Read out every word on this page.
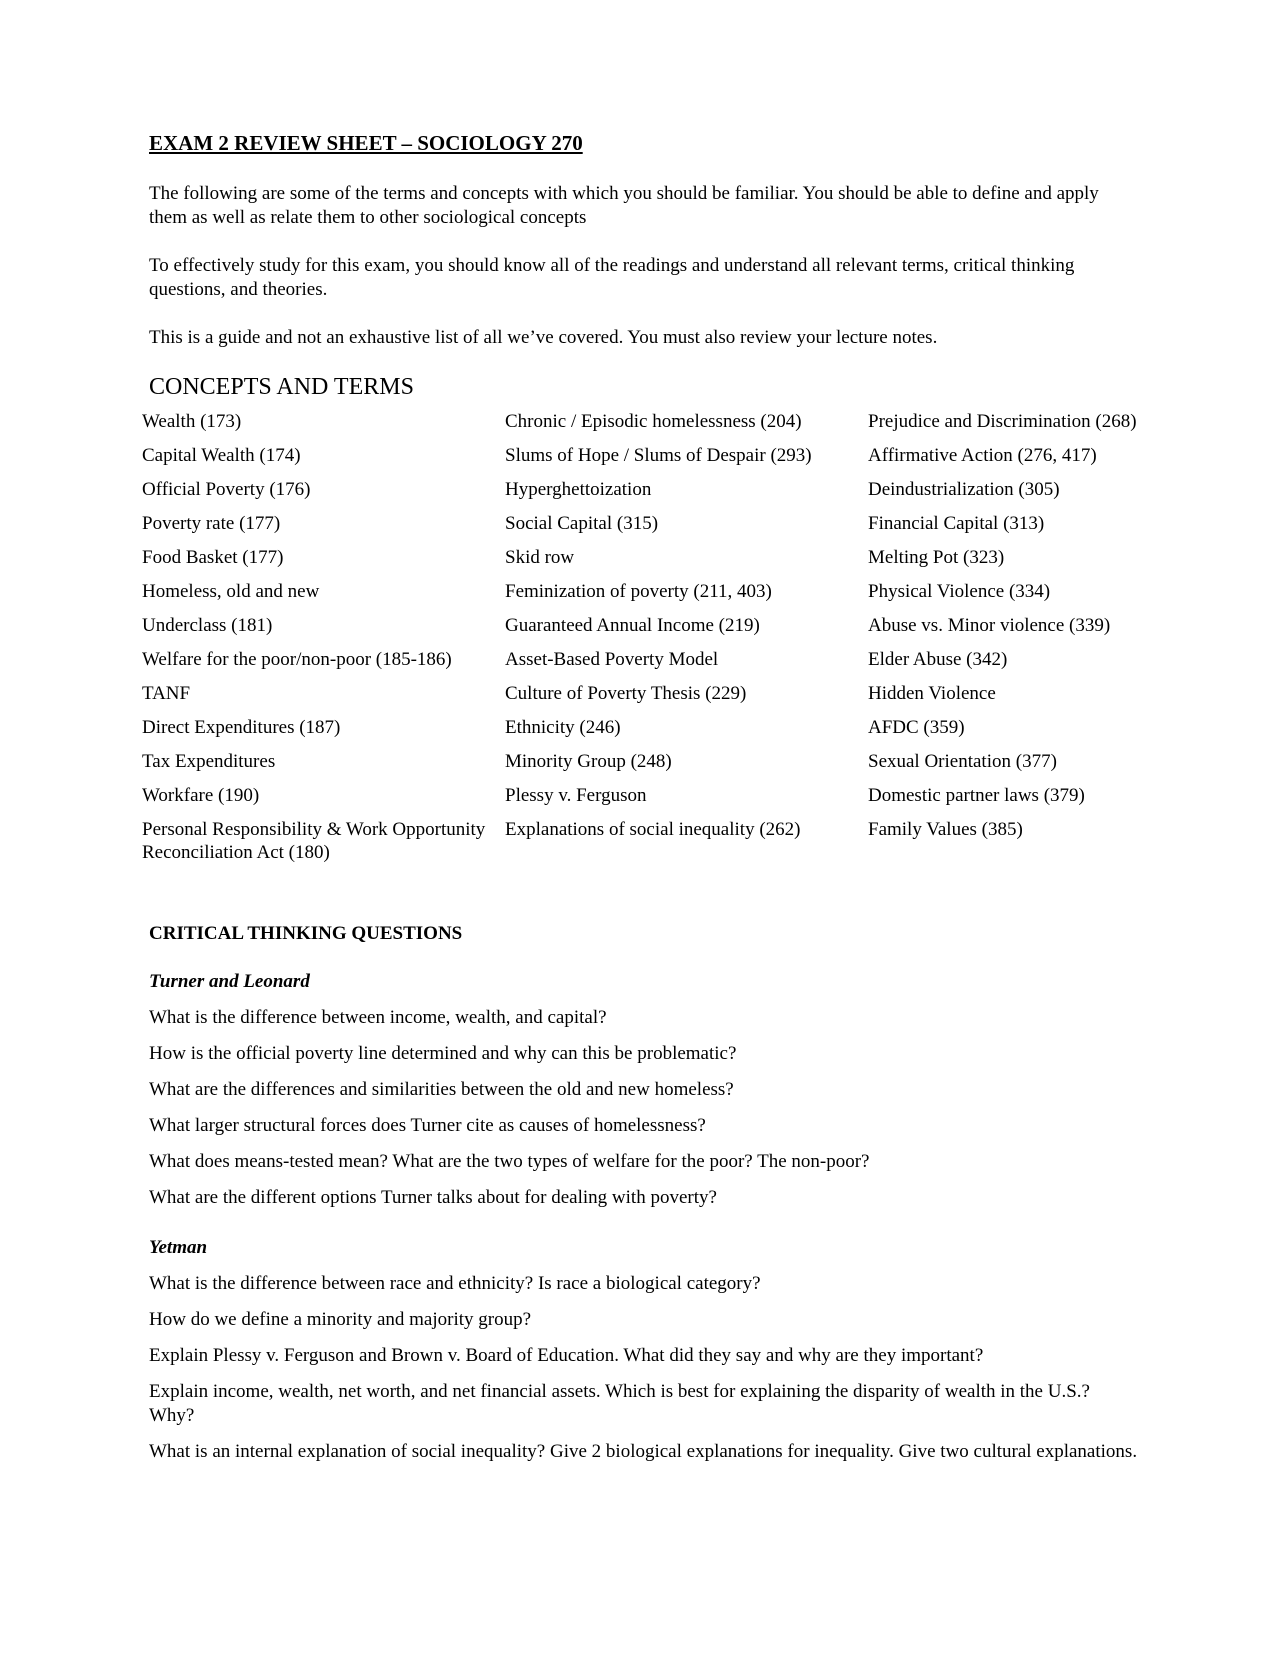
EXAM 2 REVIEW SHEET – SOCIOLOGY 270

The following are some of the terms and concepts with which you should be familiar. You should be able to define and apply them as well as relate them to other sociological concepts

To effectively study for this exam, you should know all of the readings and understand all relevant terms, critical thinking questions, and theories.

This is a guide and not an exhaustive list of all we’ve covered. You must also review your lecture notes.

CONCEPTS AND TERMS
Wealth (173)
Capital Wealth (174)
Official Poverty (176)
Poverty rate (177)
Food Basket (177)
Homeless, old and new
Underclass (181)
Welfare for the poor/non-poor (185-186)
TANF
Direct Expenditures (187)
Tax Expenditures
Workfare (190)
Personal Responsibility & Work Opportunity Reconciliation Act (180)
Chronic / Episodic homelessness (204)
Slums of Hope / Slums of Despair (293)
Hyperghettoization
Social Capital (315)
Skid row
Feminization of poverty (211, 403)
Guaranteed Annual Income (219)
Asset-Based Poverty Model
Culture of Poverty Thesis (229)
Ethnicity (246)
Minority Group (248)
Plessy v. Ferguson
Explanations of social inequality (262)
Prejudice and Discrimination (268)
Affirmative Action (276, 417)
Deindustrialization (305)
Financial Capital (313)
Melting Pot (323)
Physical Violence (334)
Abuse vs. Minor violence (339)
Elder Abuse (342)
Hidden Violence
AFDC (359)
Sexual Orientation (377)
Domestic partner laws (379)
Family Values (385)
CRITICAL THINKING QUESTIONS
Turner and Leonard
What is the difference between income, wealth, and capital?
How is the official poverty line determined and why can this be problematic?
What are the differences and similarities between the old and new homeless?
What larger structural forces does Turner cite as causes of homelessness?
What does means-tested mean? What are the two types of welfare for the poor? The non-poor?
What are the different options Turner talks about for dealing with poverty?
Yetman
What is the difference between race and ethnicity? Is race a biological category?
How do we define a minority and majority group?
Explain Plessy v. Ferguson and Brown v. Board of Education. What did they say and why are they important?
Explain income, wealth, net worth, and net financial assets. Which is best for explaining the disparity of wealth in the U.S.? Why?
What is an internal explanation of social inequality? Give 2 biological explanations for inequality. Give two cultural explanations.
